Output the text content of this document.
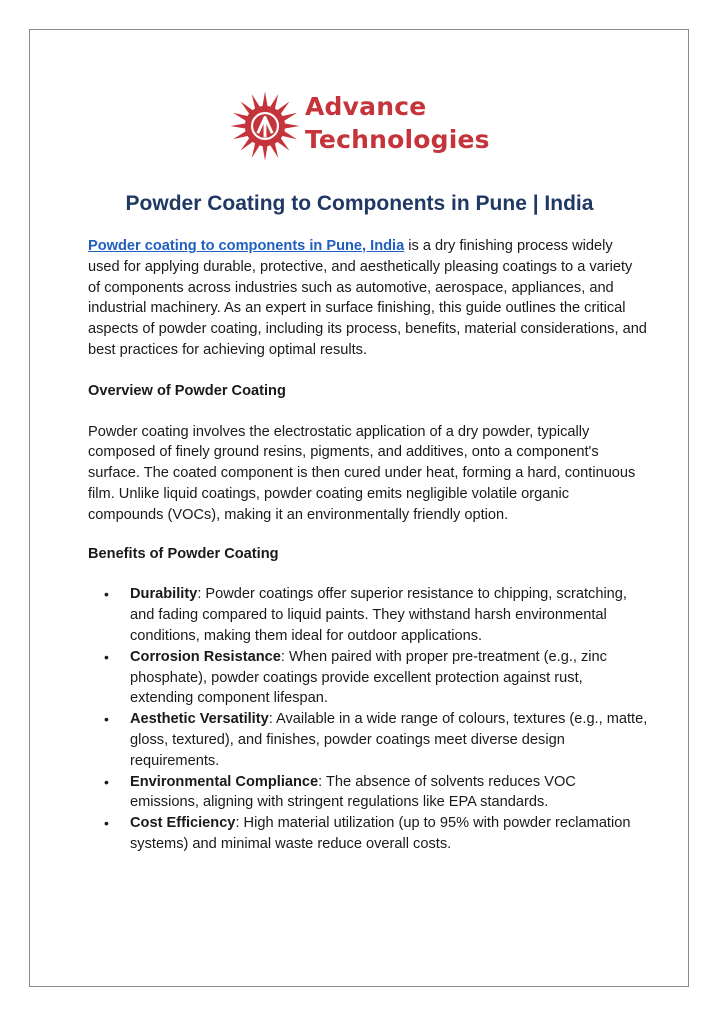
Advance
Technologies
Powder Coating to Components in Pune | India

Powder coating to components in Pune, India is a dry finishing process widely used for applying durable, protective, and aesthetically pleasing coatings to a variety of components across industries such as automotive, aerospace, appliances, and industrial machinery. As an expert in surface finishing, this guide outlines the critical aspects of powder coating, including its process, benefits, material considerations, and best practices for achieving optimal results.

Overview of Powder Coating

Powder coating involves the electrostatic application of a dry powder, typically composed of finely ground resins, pigments, and additives, onto a component's surface. The coated component is then cured under heat, forming a hard, continuous film. Unlike liquid coatings, powder coating emits negligible volatile organic compounds (VOCs), making it an environmentally friendly option.

Benefits of Powder Coating

• Durability: Powder coatings offer superior resistance to chipping, scratching, and fading compared to liquid paints. They withstand harsh environmental conditions, making them ideal for outdoor applications.
• Corrosion Resistance: When paired with proper pre-treatment (e.g., zinc phosphate), powder coatings provide excellent protection against rust, extending component lifespan.
• Aesthetic Versatility: Available in a wide range of colours, textures (e.g., matte, gloss, textured), and finishes, powder coatings meet diverse design requirements.
• Environmental Compliance: The absence of solvents reduces VOC emissions, aligning with stringent regulations like EPA standards.
• Cost Efficiency: High material utilization (up to 95% with powder reclamation systems) and minimal waste reduce overall costs.
